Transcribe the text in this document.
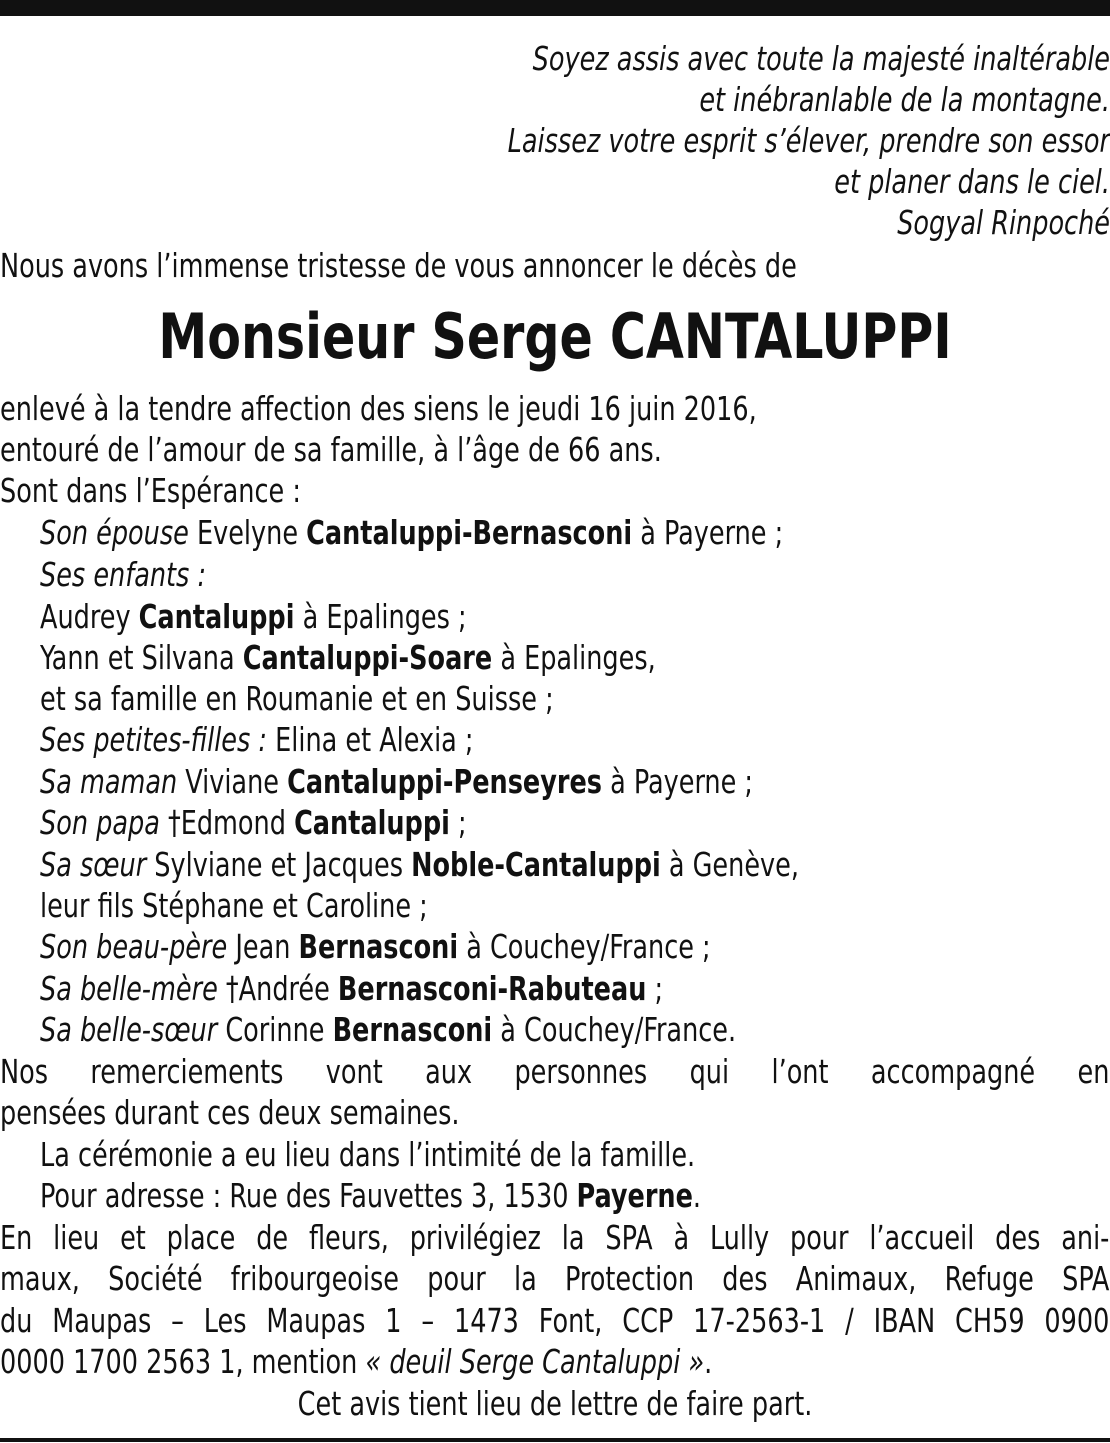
Soyez assis avec toute la majesté inaltérable
et inébranlable de la montagne.
Laissez votre esprit s’élever, prendre son essor
et planer dans le ciel.
Sogyal Rinpoché
Nous avons l’immense tristesse de vous annoncer le décès de
Monsieur Serge CANTALUPPI
enlevé à la tendre affection des siens le jeudi 16 juin 2016,
entouré de l’amour de sa famille, à l’âge de 66 ans.
Sont dans l’Espérance :
Son épouse Evelyne Cantaluppi-Bernasconi à Payerne ;
Ses enfants :
Audrey Cantaluppi à Epalinges ;
Yann et Silvana Cantaluppi-Soare à Epalinges,
et sa famille en Roumanie et en Suisse ;
Ses petites-filles : Elina et Alexia ;
Sa maman Viviane Cantaluppi-Penseyres à Payerne ;
Son papa †Edmond Cantaluppi ;
Sa sœur Sylviane et Jacques Noble-Cantaluppi à Genève,
leur fils Stéphane et Caroline ;
Son beau-père Jean Bernasconi à Couchey/France ;
Sa belle-mère †Andrée Bernasconi-Rabuteau ;
Sa belle-sœur Corinne Bernasconi à Couchey/France.
Nos remerciements vont aux personnes qui l’ont accompagné en
pensées durant ces deux semaines.
La cérémonie a eu lieu dans l’intimité de la famille.
Pour adresse : Rue des Fauvettes 3, 1530 Payerne.
En lieu et place de fleurs, privilégiez la SPA à Lully pour l’accueil des ani-
maux, Société fribourgeoise pour la Protection des Animaux, Refuge SPA
du Maupas – Les Maupas 1 – 1473 Font, CCP 17-2563-1 / IBAN CH59 0900
0000 1700 2563 1, mention « deuil Serge Cantaluppi ».
Cet avis tient lieu de lettre de faire part.
